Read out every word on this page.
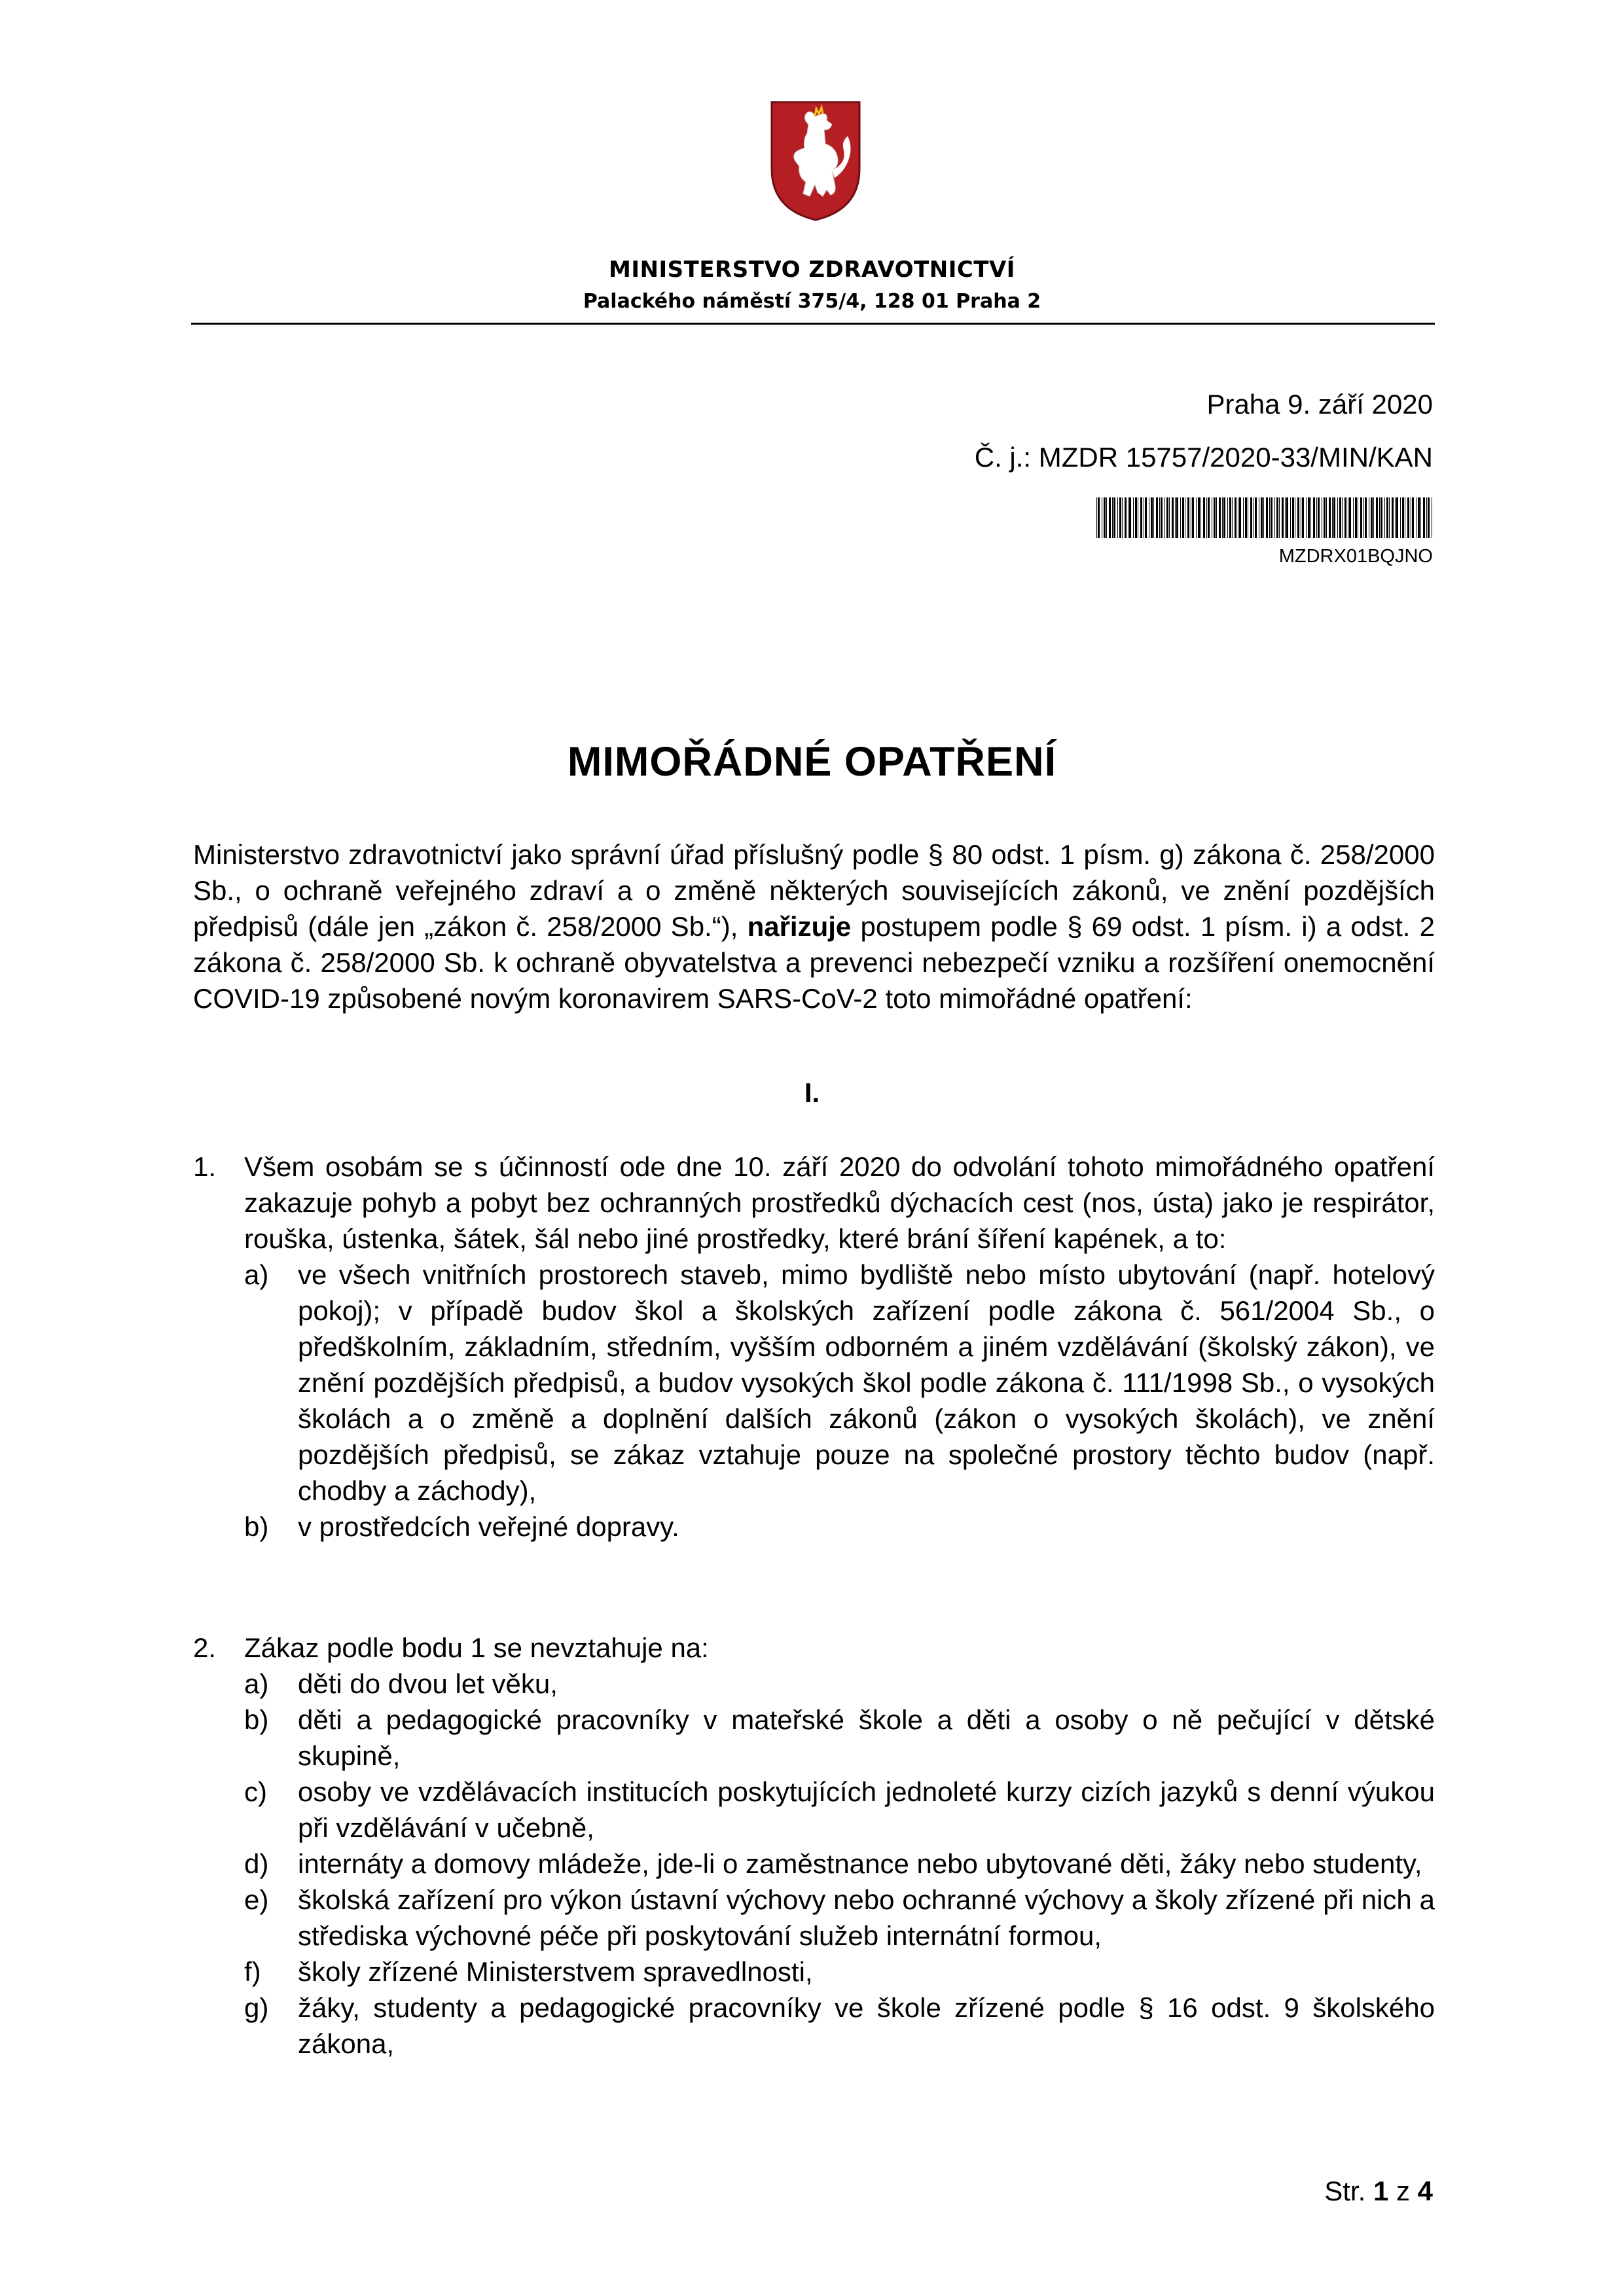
MINISTERSTVO ZDRAVOTNICTVÍ
Palackého náměstí 375/4, 128 01 Praha 2
Praha 9. září 2020
Č. j.: MZDR 15757/2020-33/MIN/KAN
MZDRX01BQJNO
MIMOŘÁDNÉ OPATŘENÍ
Ministerstvo zdravotnictví jako správní úřad příslušný podle § 80 odst. 1 písm. g) zákona č. 258/2000 Sb., o ochraně veřejného zdraví a o změně některých souvisejících zákonů, ve znění pozdějších předpisů (dále jen „zákon č. 258/2000 Sb.“), nařizuje postupem podle § 69 odst. 1 písm. i) a odst. 2 zákona č. 258/2000 Sb. k ochraně obyvatelstva a prevenci nebezpečí vzniku a rozšíření onemocnění COVID-19 způsobené novým koronavirem SARS-CoV-2 toto mimořádné opatření:
I.
1.	Všem osobám se s účinností ode dne 10. září 2020 do odvolání tohoto mimořádného opatření zakazuje pohyb a pobyt bez ochranných prostředků dýchacích cest (nos, ústa) jako je respirátor, rouška, ústenka, šátek, šál nebo jiné prostředky, které brání šíření kapének, a to:
a) ve všech vnitřních prostorech staveb, mimo bydliště nebo místo ubytování (např. hotelový pokoj); v případě budov škol a školských zařízení podle zákona č. 561/2004 Sb., o předškolním, základním, středním, vyšším odborném a jiném vzdělávání (školský zákon), ve znění pozdějších předpisů, a budov vysokých škol podle zákona č. 111/1998 Sb., o vysokých školách a o změně a doplnění dalších zákonů (zákon o vysokých školách), ve znění pozdějších předpisů, se zákaz vztahuje pouze na společné prostory těchto budov (např. chodby a záchody),
b) v prostředcích veřejné dopravy.
2.	Zákaz podle bodu 1 se nevztahuje na:
a) děti do dvou let věku,
b) děti a pedagogické pracovníky v mateřské škole a děti a osoby o ně pečující v dětské skupině,
c) osoby ve vzdělávacích institucích poskytujících jednoleté kurzy cizích jazyků s denní výukou při vzdělávání v učebně,
d) internáty a domovy mládeže, jde-li o zaměstnance nebo ubytované děti, žáky nebo studenty,
e) školská zařízení pro výkon ústavní výchovy nebo ochranné výchovy a školy zřízené při nich a střediska výchovné péče při poskytování služeb internátní formou,
f) školy zřízené Ministerstvem spravedlnosti,
g) žáky, studenty a pedagogické pracovníky ve škole zřízené podle § 16 odst. 9 školského zákona,
Str. 1 z 4
